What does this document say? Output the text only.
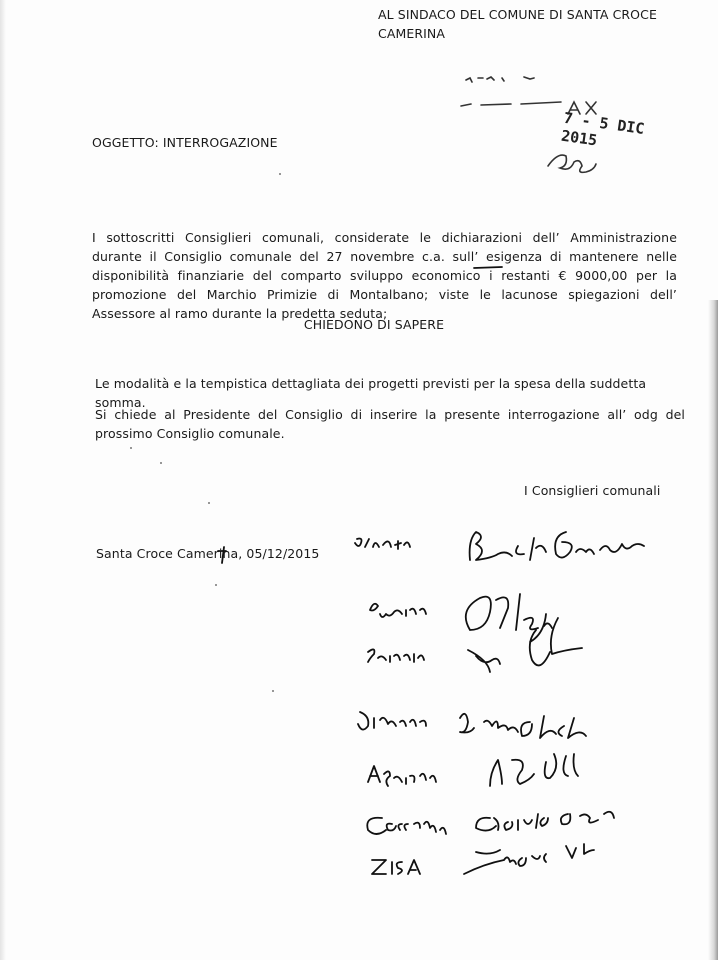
AL SINDACO DEL COMUNE DI SANTA CROCE CAMERINA
7 - 5 DIC 2015
OGGETTO: INTERROGAZIONE
I sottoscritti Consiglieri comunali, considerate le dichiarazioni dell’ Amministrazione durante il Consiglio comunale del 27 novembre c.a. sull’ esigenza di mantenere nelle disponibilità finanziarie del comparto sviluppo economico i restanti € 9000,00 per la promozione del Marchio Primizie di Montalbano; viste le lacunose spiegazioni dell’ Assessore al ramo durante la predetta seduta;
CHIEDONO DI SAPERE
Le modalità e la tempistica dettagliata dei progetti previsti per la spesa della suddetta somma.
Si chiede al Presidente del Consiglio di inserire la presente interrogazione all’ odg del prossimo Consiglio comunale.
I Consiglieri comunali
Santa Croce Camerina, 05/12/2015
